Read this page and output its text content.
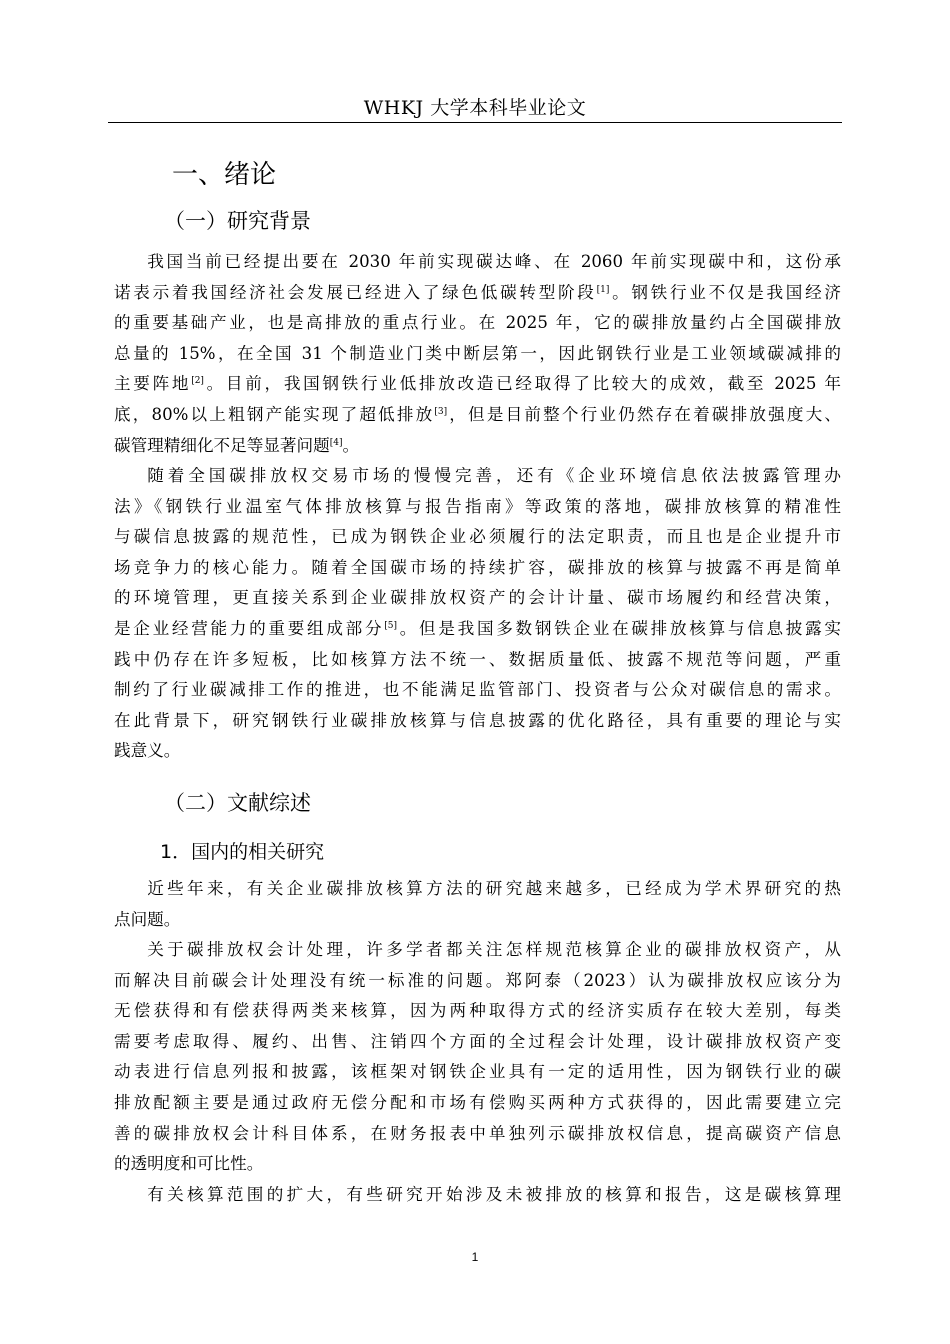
WHKJ 大学本科毕业论文
一、绪论
（一）研究背景
我国当前已经提出要在 2030 年前实现碳达峰、在 2060 年前实现碳中和，这份承
诺表示着我国经济社会发展已经进入了绿色低碳转型阶段[1]。钢铁行业不仅是我国经济
的重要基础产业，也是高排放的重点行业。在 2025 年，它的碳排放量约占全国碳排放
总量的 15%，在全国 31 个制造业门类中断层第一，因此钢铁行业是工业领域碳减排的
主要阵地[2]。目前，我国钢铁行业低排放改造已经取得了比较大的成效，截至 2025 年
底，80%以上粗钢产能实现了超低排放[3]，但是目前整个行业仍然存在着碳排放强度大、
碳管理精细化不足等显著问题[4]。
随着全国碳排放权交易市场的慢慢完善，还有《企业环境信息依法披露管理办
法》《钢铁行业温室气体排放核算与报告指南》等政策的落地，碳排放核算的精准性
与碳信息披露的规范性，已成为钢铁企业必须履行的法定职责，而且也是企业提升市
场竞争力的核心能力。随着全国碳市场的持续扩容，碳排放的核算与披露不再是简单
的环境管理，更直接关系到企业碳排放权资产的会计计量、碳市场履约和经营决策，
是企业经营能力的重要组成部分[5]。但是我国多数钢铁企业在碳排放核算与信息披露实
践中仍存在许多短板，比如核算方法不统一、数据质量低、披露不规范等问题，严重
制约了行业碳减排工作的推进，也不能满足监管部门、投资者与公众对碳信息的需求。
在此背景下，研究钢铁行业碳排放核算与信息披露的优化路径，具有重要的理论与实
践意义。
（二）文献综述
1．国内的相关研究
近些年来，有关企业碳排放核算方法的研究越来越多，已经成为学术界研究的热
点问题。
关于碳排放权会计处理，许多学者都关注怎样规范核算企业的碳排放权资产，从
而解决目前碳会计处理没有统一标准的问题。郑阿泰（2023）认为碳排放权应该分为
无偿获得和有偿获得两类来核算，因为两种取得方式的经济实质存在较大差别，每类
需要考虑取得、履约、出售、注销四个方面的全过程会计处理，设计碳排放权资产变
动表进行信息列报和披露，该框架对钢铁企业具有一定的适用性，因为钢铁行业的碳
排放配额主要是通过政府无偿分配和市场有偿购买两种方式获得的，因此需要建立完
善的碳排放权会计科目体系，在财务报表中单独列示碳排放权信息，提高碳资产信息
的透明度和可比性。
有关核算范围的扩大，有些研究开始涉及未被排放的核算和报告，这是碳核算理
1
